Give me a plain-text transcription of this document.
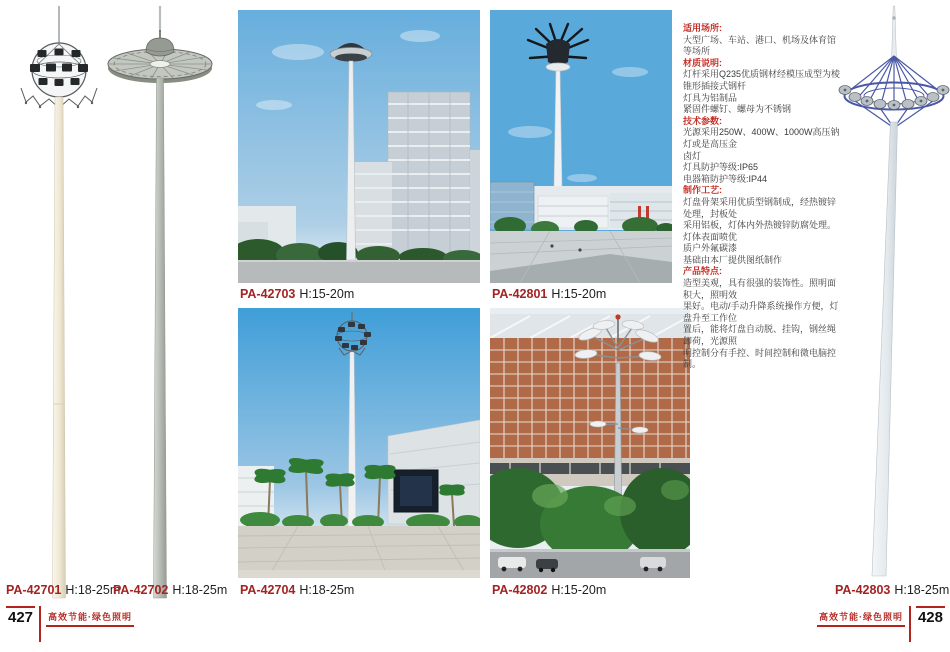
PA-42701 H:18-25m
PA-42702 H:18-25m
PA-42703 H:15-20m
PA-42704 H:18-25m
PA-42801 H:15-20m
PA-42802 H:15-20m	PA-42803 H:18-25m
适用场所:
大型广场、车站、港口、机场及体育馆等场所
材质说明:
灯杆采用Q235优质钢材经模压成型为棱锥形插接式钢杆
灯具为铝制品
紧固件螺钉、螺母为不锈钢
技术参数:
光源采用250W、400W、1000W高压钠灯或是高压金
卤灯
灯具防护等级:IP65
电器箱防护等级:IP44
制作工艺:
灯盘骨架采用优质型钢制成，经热镀锌处理，封板处
采用铝板，灯体内外热镀锌防腐处理。灯体表面喷优
质户外氟碳漆
基础由本厂提供图纸制作
产品特点:
造型美观，具有很强的装饰性。照明面积大，照明效
果好。电动/手动升降系统操作方便，灯盘升至工作位
置后，能将灯盘自动脱、挂钩，钢丝绳卸荷，光源照
明控制分有手控、时间控制和微电脑控制。
427 高效节能·绿色照明	高效节能·绿色照明 428
